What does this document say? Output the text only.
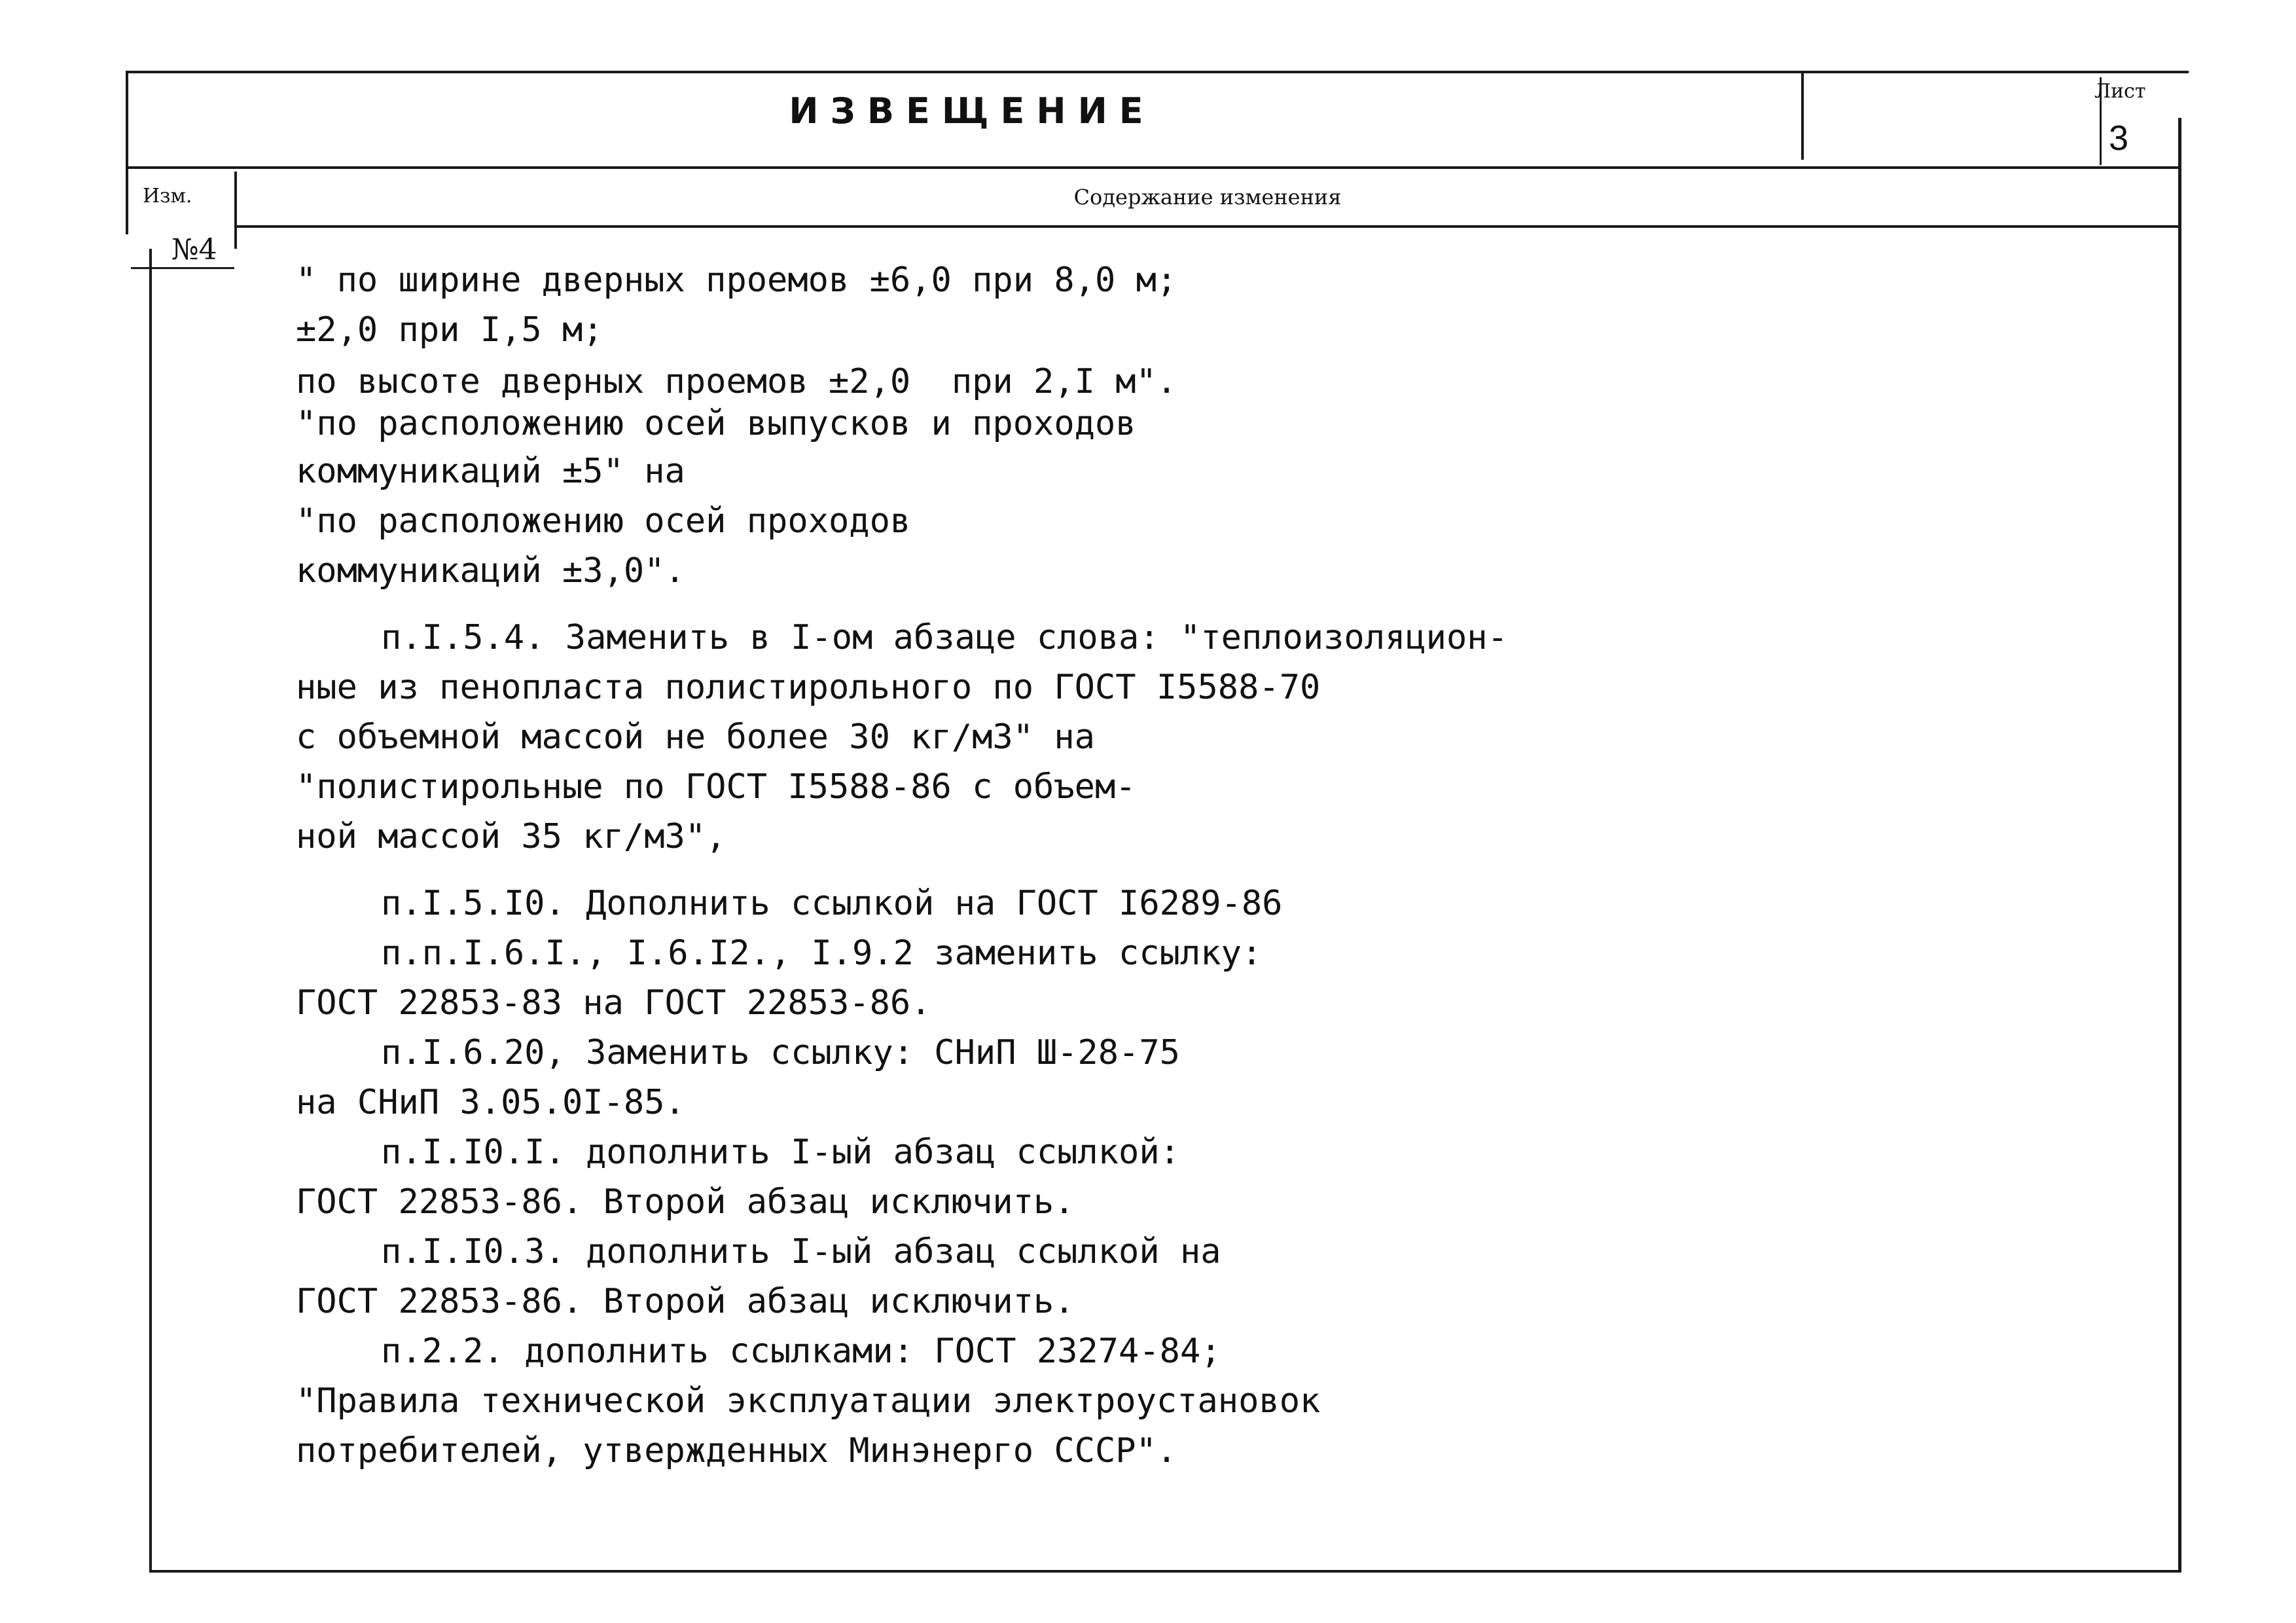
ИЗВЕЩЕНИЕ	Лист
3
Изм.	Содержание изменения
№4
" по ширине дверных проемов ±6,0 при 8,0 м;
±2,0 при I,5 м;
по высоте дверных проемов ±2,0  при 2,I м".
"по расположению осей выпусков и проходов
коммуникаций ±5" на
"по расположению осей проходов
коммуникаций ±3,0".
п.I.5.4. Заменить в I-ом абзаце слова: "теплоизоляцион-
ные из пенопласта полистирольного по ГОСТ I5588-70
с объемной массой не более 30 кг/м3" на
"полистирольные по ГОСТ I5588-86 с объем-
ной массой 35 кг/м3",
п.I.5.I0. Дополнить ссылкой на ГОСТ I6289-86
п.п.I.6.I., I.6.I2., I.9.2 заменить ссылку:
ГОСТ 22853-83 на ГОСТ 22853-86.
п.I.6.20, Заменить ссылку: СНиП Ш-28-75
на СНиП 3.05.0I-85.
п.I.I0.I. дополнить I-ый абзац ссылкой:
ГОСТ 22853-86. Второй абзац исключить.
п.I.I0.3. дополнить I-ый абзац ссылкой на
ГОСТ 22853-86. Второй абзац исключить.
п.2.2. дополнить ссылками: ГОСТ 23274-84;
"Правила технической эксплуатации электроустановок
потребителей, утвержденных Минэнерго СССР".
